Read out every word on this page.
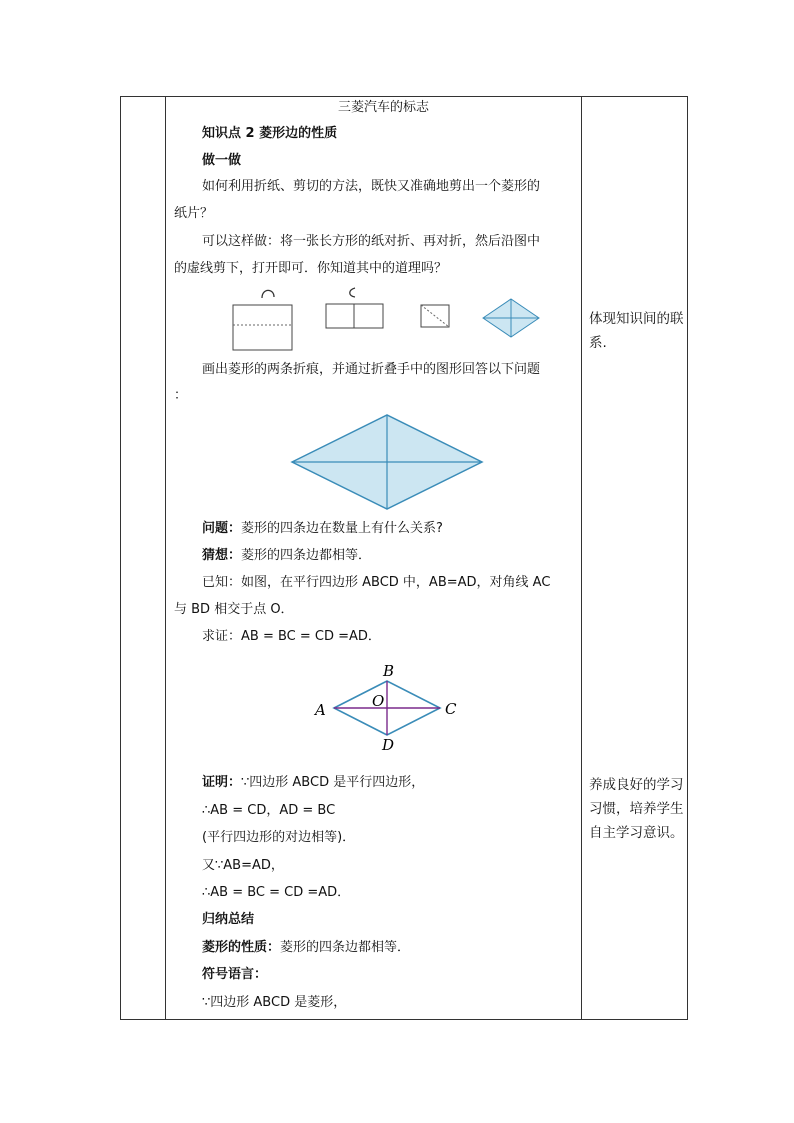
三菱汽车的标志
知识点 2 菱形边的性质
做一做
如何利用折纸、剪切的方法，既快又准确地剪出一个菱形的
纸片？
可以这样做：将一张长方形的纸对折、再对折，然后沿图中
的虚线剪下，打开即可．你知道其中的道理吗？
画出菱形的两条折痕，并通过折叠手中的图形回答以下问题
：
问题：菱形的四条边在数量上有什么关系?
猜想：菱形的四条边都相等．
已知：如图，在平行四边形 ABCD 中，AB=AD，对角线 AC
与 BD 相交于点 O．
求证：AB = BC = CD =AD．
B
A	C
D
O
证明：∵四边形 ABCD 是平行四边形，
∴AB = CD，AD = BC
(平行四边形的对边相等)．
又∵AB=AD，
∴AB = BC = CD =AD．
归纳总结
菱形的性质：菱形的四条边都相等．
符号语言：
∵四边形 ABCD 是菱形，
体现知识间的联系.
养成良好的学习习惯，培养学生自主学习意识。
